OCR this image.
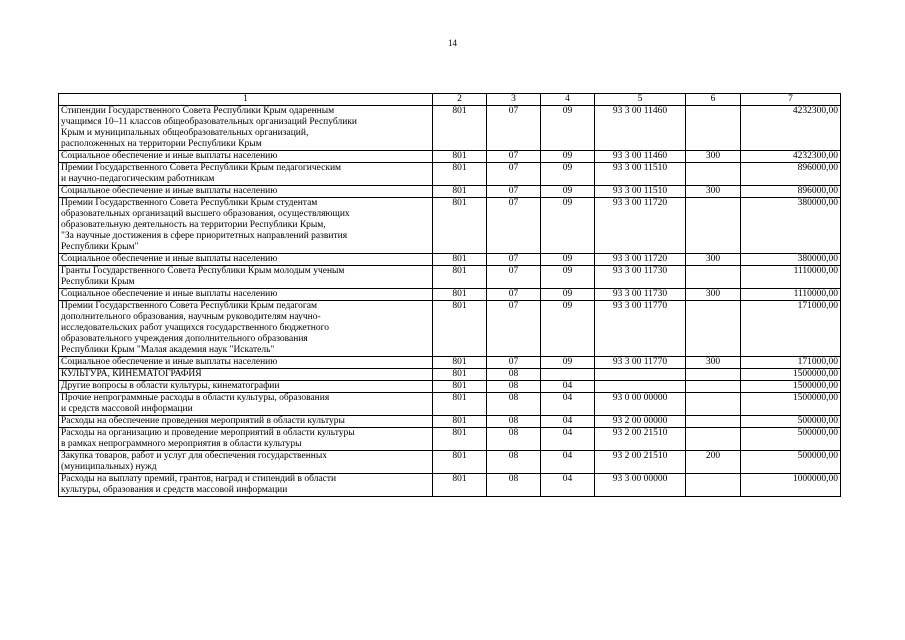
14
1	2	3	4	5	6	7
Стипендии Государственного Совета Республики Крым одаренным
учащимся 10–11 классов общеобразовательных организаций Республики
Крым и муниципальных общеобразовательных организаций,
расположенных на территории Республики Крым	801	07	09	93 3 00 11460		4232300,00
Социальное обеспечение и иные выплаты населению	801	07	09	93 3 00 11460	300	4232300,00
Премии Государственного Совета Республики Крым педагогическим
и научно-педагогическим работникам	801	07	09	93 3 00 11510		896000,00
Социальное обеспечение и иные выплаты населению	801	07	09	93 3 00 11510	300	896000,00
Премии Государственного Совета Республики Крым студентам
образовательных организаций высшего образования, осуществляющих
образовательную деятельность на территории Республики Крым,
"За научные достижения в сфере приоритетных направлений развития
Республики Крым"	801	07	09	93 3 00 11720		380000,00
Социальное обеспечение и иные выплаты населению	801	07	09	93 3 00 11720	300	380000,00
Гранты Государственного Совета Республики Крым молодым ученым
Республики Крым	801	07	09	93 3 00 11730		1110000,00
Социальное обеспечение и иные выплаты населению	801	07	09	93 3 00 11730	300	1110000,00
Премии Государственного Совета Республики Крым педагогам
дополнительного образования, научным руководителям научно-
исследовательских работ учащихся государственного бюджетного
образовательного учреждения дополнительного образования
Республики Крым "Малая академия наук "Искатель"	801	07	09	93 3 00 11770		171000,00
Социальное обеспечение и иные выплаты населению	801	07	09	93 3 00 11770	300	171000,00
КУЛЬТУРА, КИНЕМАТОГРАФИЯ	801	08				1500000,00
Другие вопросы в области культуры, кинематографии	801	08	04			1500000,00
Прочие непрограммные расходы в области культуры, образования
и средств массовой информации	801	08	04	93 0 00 00000		1500000,00
Расходы на обеспечение проведения мероприятий в области культуры	801	08	04	93 2 00 00000		500000,00
Расходы на организацию и проведение мероприятий в области культуры
в рамках непрограммного мероприятия в области культуры	801	08	04	93 2 00 21510		500000,00
Закупка товаров, работ и услуг для обеспечения государственных
(муниципальных) нужд	801	08	04	93 2 00 21510	200	500000,00
Расходы на выплату премий, грантов, наград и стипендий в области
культуры, образования и средств массовой информации	801	08	04	93 3 00 00000		1000000,00
